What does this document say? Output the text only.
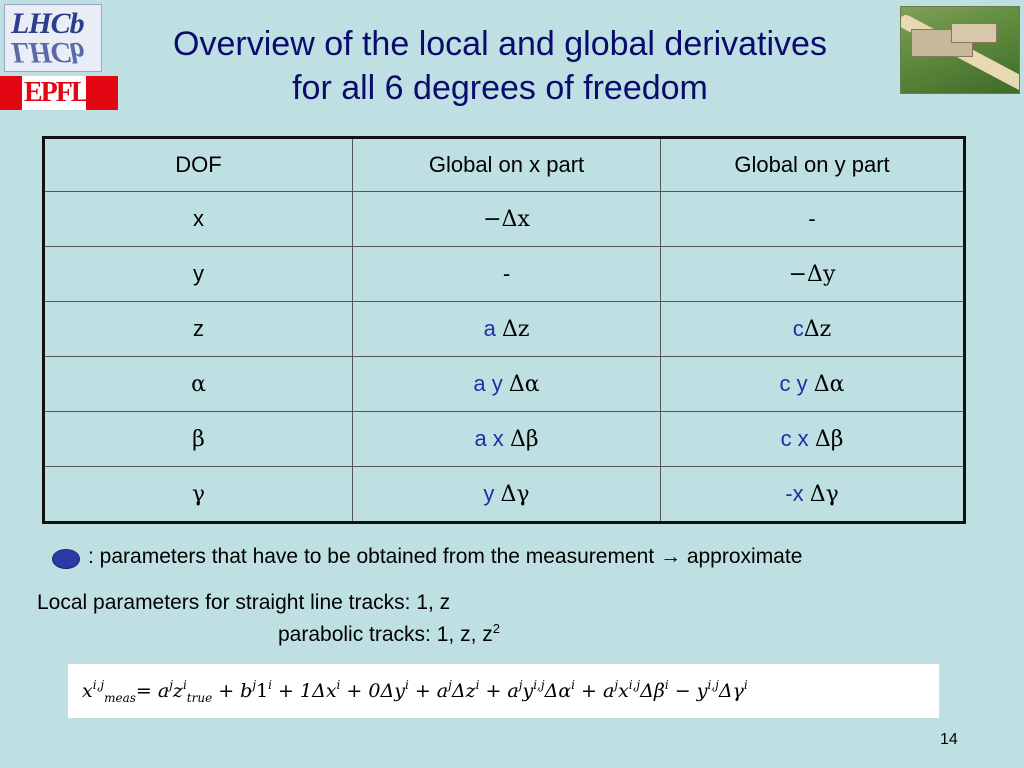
LHCb
LHCb
EPFL
Overview of the local and global derivatives
for all 6 degrees of freedom
DOF	Global on x part	Global on y part
x	−Δx	-
y	-	−Δy
z	a Δz	cΔz
α	a y Δα	c y Δα
β	a x Δβ	c x Δβ
γ	y Δγ	-x Δγ
: parameters that have to be obtained from the measurement → approximate
Local parameters for straight line tracks: 1, z
parabolic tracks: 1, z, $z^2$
$x^{i,j}_{meas} = a^jz^i_{true} + b^j1^i + 1\Delta x^i + 0\Delta y^i + a^j\Delta z^i + a^jy^{i,j}\Delta\alpha^i + a^jx^{i,j}\Delta\beta^i - y^{i,j}\Delta\gamma^i$
14
